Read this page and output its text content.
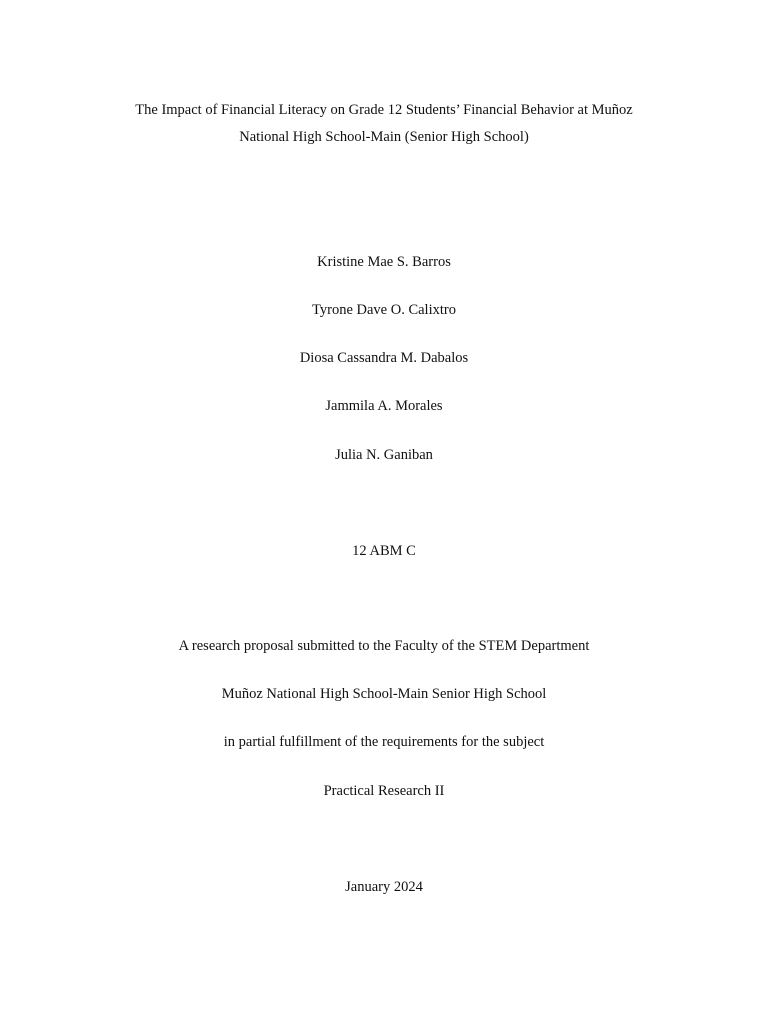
The Impact of Financial Literacy on Grade 12 Students’ Financial Behavior at Muñoz
National High School-Main (Senior High School)
Kristine Mae S. Barros
Tyrone Dave O. Calixtro
Diosa Cassandra M. Dabalos
Jammila A. Morales
Julia N. Ganiban
12 ABM C
A research proposal submitted to the Faculty of the STEM Department
Muñoz National High School-Main Senior High School
in partial fulfillment of the requirements for the subject
Practical Research II
January 2024
